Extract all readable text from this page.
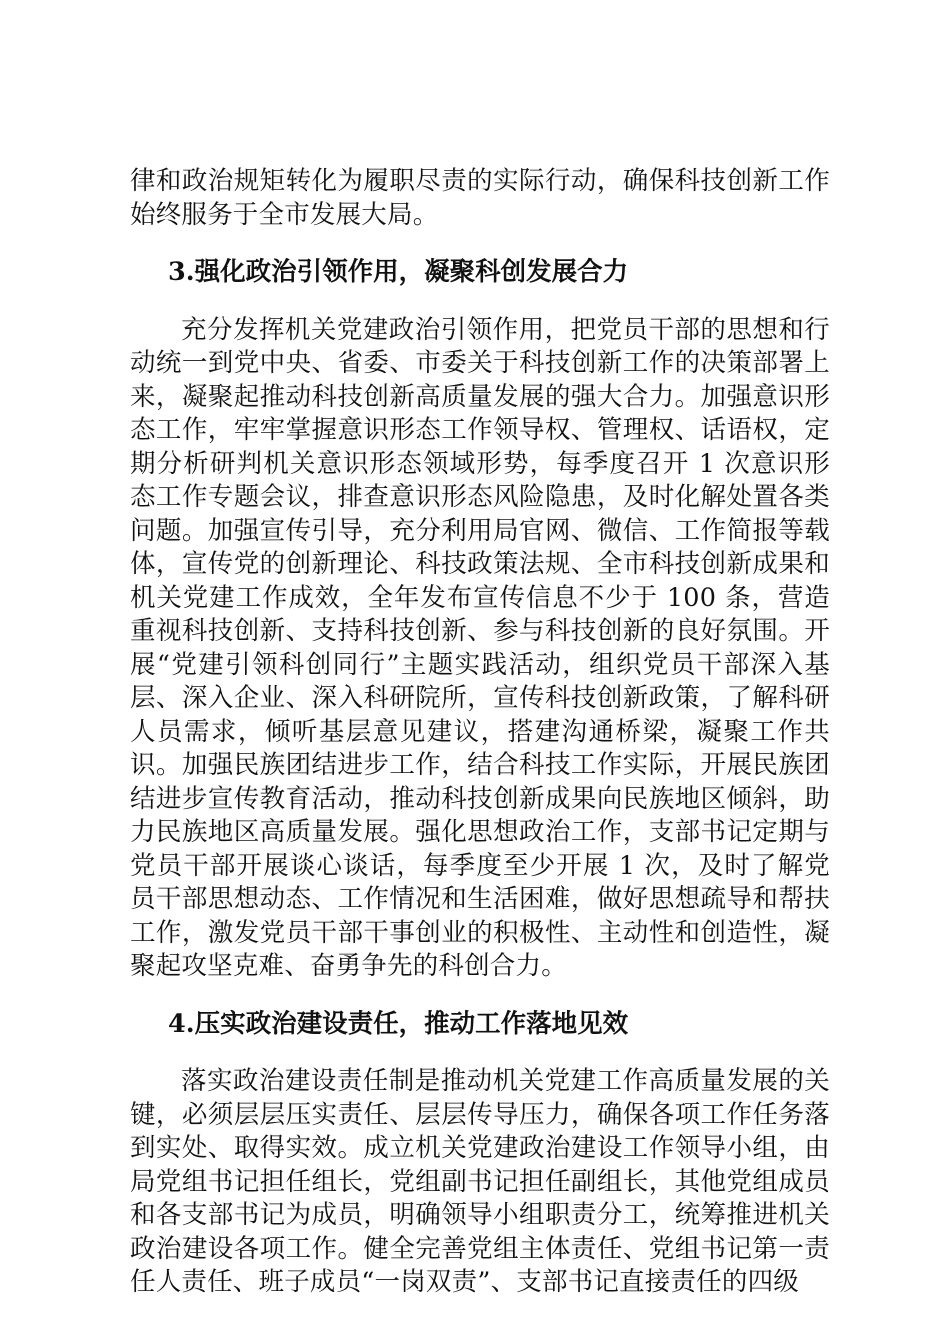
律和政治规矩转化为履职尽责的实际行动，确保科技创新工作始终服务于全市发展大局。

3.强化政治引领作用，凝聚科创发展合力

充分发挥机关党建政治引领作用，把党员干部的思想和行动统一到党中央、省委、市委关于科技创新工作的决策部署上来，凝聚起推动科技创新高质量发展的强大合力。加强意识形态工作，牢牢掌握意识形态工作领导权、管理权、话语权，定期分析研判机关意识形态领域形势，每季度召开 1 次意识形态工作专题会议，排查意识形态风险隐患，及时化解处置各类问题。加强宣传引导，充分利用局官网、微信、工作简报等载体，宣传党的创新理论、科技政策法规、全市科技创新成果和机关党建工作成效，全年发布宣传信息不少于 100 条，营造重视科技创新、支持科技创新、参与科技创新的良好氛围。开展“党建引领科创同行”主题实践活动，组织党员干部深入基层、深入企业、深入科研院所，宣传科技创新政策，了解科研人员需求，倾听基层意见建议，搭建沟通桥梁，凝聚工作共识。加强民族团结进步工作，结合科技工作实际，开展民族团结进步宣传教育活动，推动科技创新成果向民族地区倾斜，助力民族地区高质量发展。强化思想政治工作，支部书记定期与党员干部开展谈心谈话，每季度至少开展 1 次，及时了解党员干部思想动态、工作情况和生活困难，做好思想疏导和帮扶工作，激发党员干部干事创业的积极性、主动性和创造性，凝聚起攻坚克难、奋勇争先的科创合力。

4.压实政治建设责任，推动工作落地见效

落实政治建设责任制是推动机关党建工作高质量发展的关键，必须层层压实责任、层层传导压力，确保各项工作任务落到实处、取得实效。成立机关党建政治建设工作领导小组，由局党组书记担任组长，党组副书记担任副组长，其他党组成员和各支部书记为成员，明确领导小组职责分工，统筹推进机关政治建设各项工作。健全完善党组主体责任、党组书记第一责任人责任、班子成员“一岗双责”、支部书记直接责任的四级
